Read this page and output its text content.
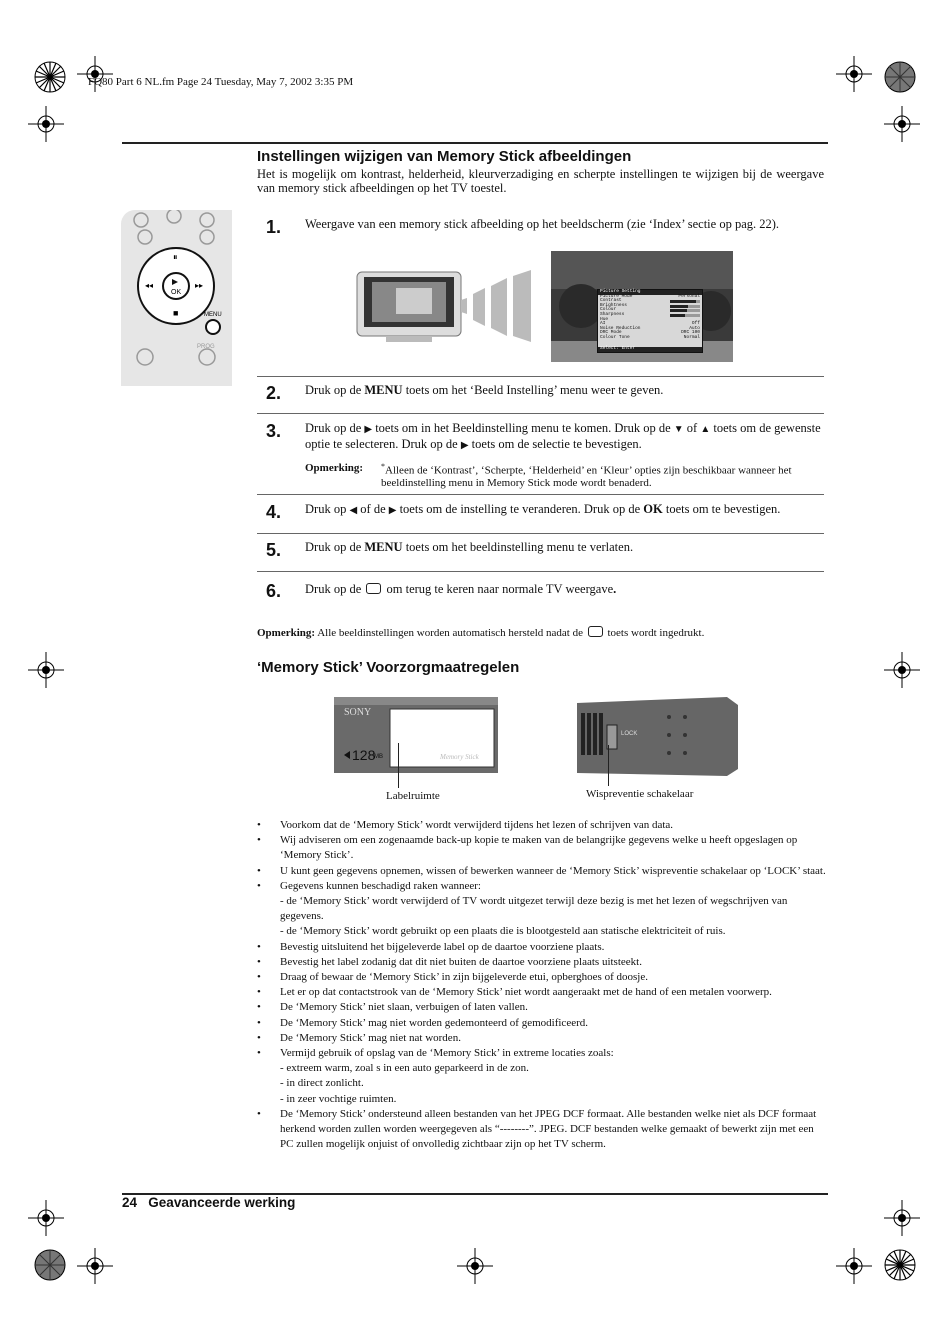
FQ80 Part 6 NL.fm Page 24 Tuesday, May 7, 2002 3:35 PM
Instellingen wijzigen van Memory Stick afbeeldingen
Het is mogelijk om kontrast, helderheid, kleurverzadiging en scherpte instellingen te wijzigen bij de weergave van memory stick afbeeldingen op het TV toestel.
OK
⏸
■
◂◂	▸▸
MENU
PROG
1. Weergave van een memory stick afbeelding op het beeldscherm (zie ‘Index’ sectie op pag. 22).
Picture Setting
Picture Mode	Personal
Contrast
Brightness
Colour
Sharpness
Hue
AI	Off
Noise Reduction	Auto
DRC Mode	DRC 100
Colour Tone	Normal
Select: Enter
2. Druk op de MENU toets om het ‘Beeld Instelling’ menu weer te geven.
3. Druk op de ▶ toets om in het Beeldinstelling menu te komen. Druk op de ▼ of ▲ toets om de gewenste optie te selecteren. Druk op de ▶ toets om de selectie te bevestigen.
Opmerking: *Alleen de ‘Kontrast’, ‘Scherpte, ‘Helderheid’ en ‘Kleur’ opties zijn beschikbaar wanneer het beeldinstelling menu in Memory Stick mode wordt benaderd.
4. Druk op ◀ of de ▶ toets om de instelling te veranderen. Druk op de OK toets om te bevestigen.
5. Druk op de MENU toets om het beeldinstelling menu te verlaten.
6. Druk op de  om terug te keren naar normale TV weergave.
Opmerking: Alle beeldinstellingen worden automatisch hersteld nadat de  toets wordt ingedrukt.
‘Memory Stick’ Voorzorgmaatregelen
SONY
128
MB	Memory Stick
Labelruimte
LOCK
Wispreventie schakelaar
• Voorkom dat de ‘Memory Stick’ wordt verwijderd tijdens het lezen of schrijven van data.
• Wij adviseren om een zogenaamde back-up kopie te maken van de belangrijke gegevens welke u heeft opgeslagen op ‘Memory Stick’.
• U kunt geen gegevens opnemen, wissen of bewerken wanneer de ‘Memory Stick’ wispreventie schakelaar op ‘LOCK’ staat.
• Gegevens kunnen beschadigd raken wanneer:
- de ‘Memory Stick’ wordt verwijderd of TV wordt uitgezet terwijl deze bezig is met het lezen of wegschrijven van gegevens.
- de ‘Memory Stick’ wordt gebruikt op een plaats die is blootgesteld aan statische elektriciteit of ruis.
• Bevestig uitsluitend het bijgeleverde label op de daartoe voorziene plaats.
• Bevestig het label zodanig dat dit niet buiten de daartoe voorziene plaats uitsteekt.
• Draag of bewaar de ‘Memory Stick’ in zijn bijgeleverde etui, opberghoes of doosje.
• Let er op dat contactstrook van de ‘Memory Stick’ niet wordt aangeraakt met de hand of een metalen voorwerp.
• De ‘Memory Stick’ niet slaan, verbuigen of laten vallen.
• De ‘Memory Stick’ mag niet worden gedemonteerd of gemodificeerd.
• De ‘Memory Stick’ mag niet nat worden.
• Vermijd gebruik of opslag van de ‘Memory Stick’ in extreme locaties zoals:
- extreem warm, zoal s in een auto geparkeerd in de zon.
- in direct zonlicht.
- in zeer vochtige ruimten.
• De ‘Memory Stick’ ondersteund alleen bestanden van het JPEG DCF formaat. Alle bestanden welke niet als DCF formaat herkend worden zullen worden weergegeven als “--------”. JPEG. DCF bestanden welke gemaakt of bewerkt zijn met een PC zullen mogelijk onjuist of onvolledig zichtbaar zijn op het TV scherm.
24 Geavanceerde werking
